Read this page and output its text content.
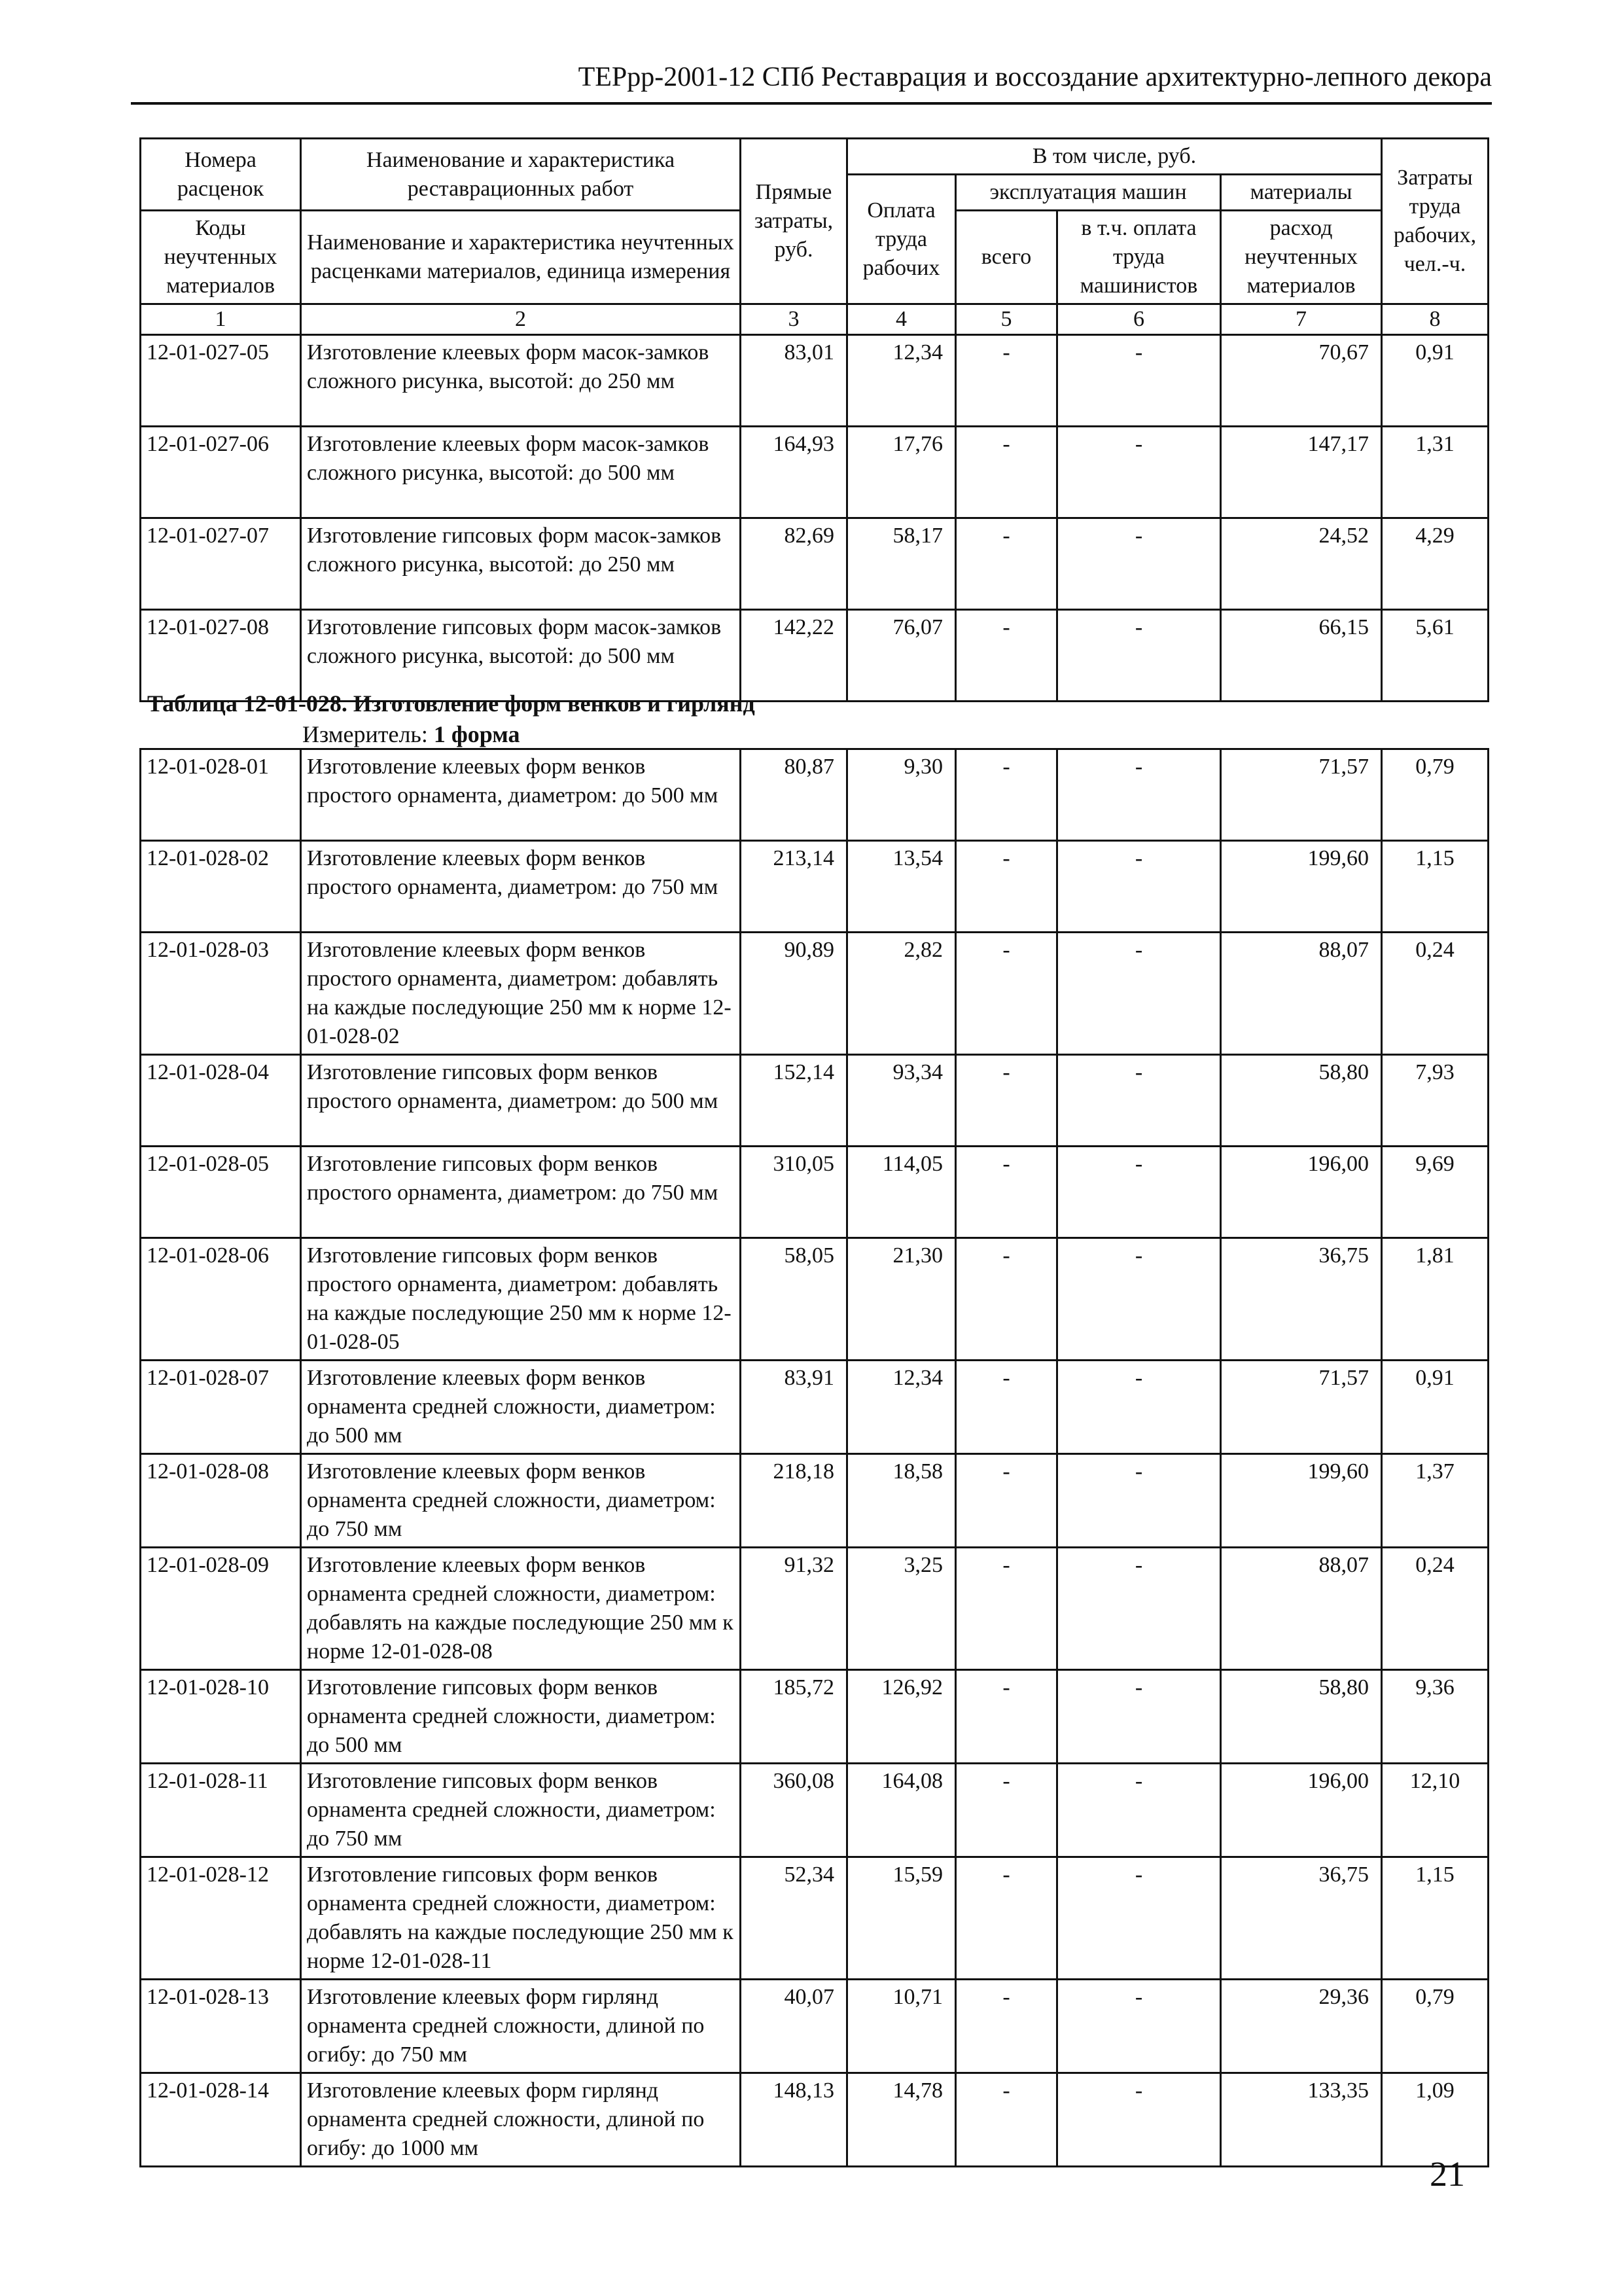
ТЕРрр-2001-12 СПб Реставрация и воссоздание архитектурно-лепного декора
Номера расценок	Наименование и характеристика реставрационных работ	Прямые затраты, руб.	В том числе, руб.				Затраты труда рабочих, чел.-ч.
			Оплата труда рабочих	эксплуатация машин		материалы	
Коды неучтенных материалов	Наименование и характеристика неучтенных расценками материалов, единица измерения			всего	в т.ч. оплата труда машинистов	расход неучтенных материалов	

1	2	3	4	5	6	7	8
12-01-027-05	Изготовление клеевых форм масок-замков сложного рисунка, высотой: до 250 мм	83,01	12,34	-	-	70,67	0,91
12-01-027-06	Изготовление клеевых форм масок-замков сложного рисунка, высотой: до 500 мм	164,93	17,76	-	-	147,17	1,31
12-01-027-07	Изготовление гипсовых форм масок-замков сложного рисунка, высотой: до 250 мм	82,69	58,17	-	-	24,52	4,29
12-01-027-08	Изготовление гипсовых форм масок-замков сложного рисунка, высотой: до 500 мм	142,22	76,07	-	-	66,15	5,61
Таблица 12-01-028. Изготовление форм венков и гирлянд
Измеритель: 1 форма
12-01-028-01	Изготовление клеевых форм венков простого орнамента, диаметром: до 500 мм	80,87	9,30	-	-	71,57	0,79
12-01-028-02	Изготовление клеевых форм венков простого орнамента, диаметром: до 750 мм	213,14	13,54	-	-	199,60	1,15
12-01-028-03	Изготовление клеевых форм венков простого орнамента, диаметром: добавлять на каждые последующие 250 мм к норме 12-01-028-02	90,89	2,82	-	-	88,07	0,24
12-01-028-04	Изготовление гипсовых форм венков простого орнамента, диаметром: до 500 мм	152,14	93,34	-	-	58,80	7,93
12-01-028-05	Изготовление гипсовых форм венков простого орнамента, диаметром: до 750 мм	310,05	114,05	-	-	196,00	9,69
12-01-028-06	Изготовление гипсовых форм венков простого орнамента, диаметром: добавлять на каждые последующие 250 мм к норме 12-01-028-05	58,05	21,30	-	-	36,75	1,81
12-01-028-07	Изготовление клеевых форм венков орнамента средней сложности, диаметром: до 500 мм	83,91	12,34	-	-	71,57	0,91
12-01-028-08	Изготовление клеевых форм венков орнамента средней сложности, диаметром: до 750 мм	218,18	18,58	-	-	199,60	1,37
12-01-028-09	Изготовление клеевых форм венков орнамента средней сложности, диаметром: добавлять на каждые последующие 250 мм к норме 12-01-028-08	91,32	3,25	-	-	88,07	0,24
12-01-028-10	Изготовление гипсовых форм венков орнамента средней сложности, диаметром: до 500 мм	185,72	126,92	-	-	58,80	9,36
12-01-028-11	Изготовление гипсовых форм венков орнамента средней сложности, диаметром: до 750 мм	360,08	164,08	-	-	196,00	12,10
12-01-028-12	Изготовление гипсовых форм венков орнамента средней сложности, диаметром: добавлять на каждые последующие 250 мм к норме 12-01-028-11	52,34	15,59	-	-	36,75	1,15
12-01-028-13	Изготовление клеевых форм гирлянд орнамента средней сложности, длиной по огибу: до 750 мм	40,07	10,71	-	-	29,36	0,79
12-01-028-14	Изготовление клеевых форм гирлянд орнамента средней сложности, длиной по огибу: до 1000 мм	148,13	14,78	-	-	133,35	1,09
21
